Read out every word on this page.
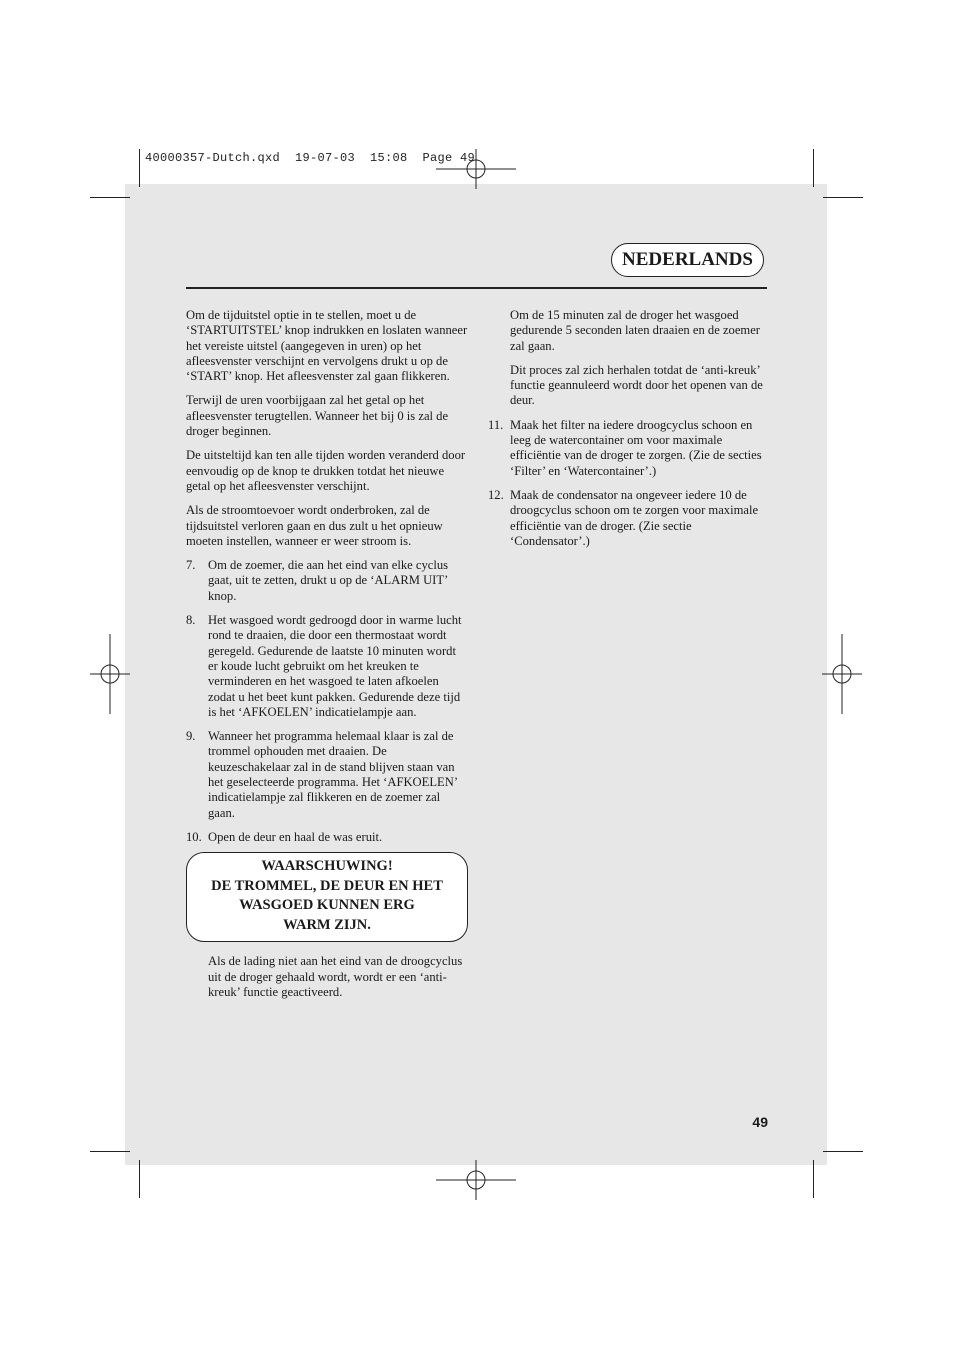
40000357-Dutch.qxd  19-07-03  15:08  Page 49
NEDERLANDS

Om de tijduitstel optie in te stellen, moet u de ‘STARTUITSTEL’ knop indrukken en loslaten wanneer het vereiste uitstel (aangegeven in uren) op het afleesvenster verschijnt en vervolgens drukt u op de ‘START’ knop. Het afleesvenster zal gaan flikkeren.

Terwijl de uren voorbijgaan zal het getal op het afleesvenster terugtellen. Wanneer het bij 0 is zal de droger beginnen.

De uitsteltijd kan ten alle tijden worden veranderd door eenvoudig op de knop te drukken totdat het nieuwe getal op het afleesvenster verschijnt.

Als de stroomtoevoer wordt onderbroken, zal de tijdsuitstel verloren gaan en dus zult u het opnieuw moeten instellen, wanneer er weer stroom is.

7. Om de zoemer, die aan het eind van elke cyclus gaat, uit te zetten, drukt u op de ‘ALARM UIT’ knop.
8. Het wasgoed wordt gedroogd door in warme lucht rond te draaien, die door een thermostaat wordt geregeld. Gedurende de laatste 10 minuten wordt er koude lucht gebruikt om het kreuken te verminderen en het wasgoed te laten afkoelen zodat u het beet kunt pakken. Gedurende deze tijd is het ‘AFKOELEN’ indicatielampje aan.
9. Wanneer het programma helemaal klaar is zal de trommel ophouden met draaien. De keuzeschakelaar zal in de stand blijven staan van het geselecteerde programma. Het ‘AFKOELEN’ indicatielampje zal flikkeren en de zoemer zal gaan.
10. Open de deur en haal de was eruit.
WAARSCHUWING!
DE TROMMEL, DE DEUR EN HET
WASGOED KUNNEN ERG
WARM ZIJN.

Als de lading niet aan het eind van de droogcyclus uit de droger gehaald wordt, wordt er een ‘anti-kreuk’ functie geactiveerd.

Om de 15 minuten zal de droger het wasgoed gedurende 5 seconden laten draaien en de zoemer zal gaan.

Dit proces zal zich herhalen totdat de ‘anti-kreuk’ functie geannuleerd wordt door het openen van de deur.

11. Maak het filter na iedere droogcyclus schoon en leeg de watercontainer om voor maximale efficiëntie van de droger te zorgen. (Zie de secties ‘Filter’ en ‘Watercontainer’.)
12. Maak de condensator na ongeveer iedere 10 de droogcyclus schoon om te zorgen voor maximale efficiëntie van de droger. (Zie sectie ‘Condensator’.)
49
